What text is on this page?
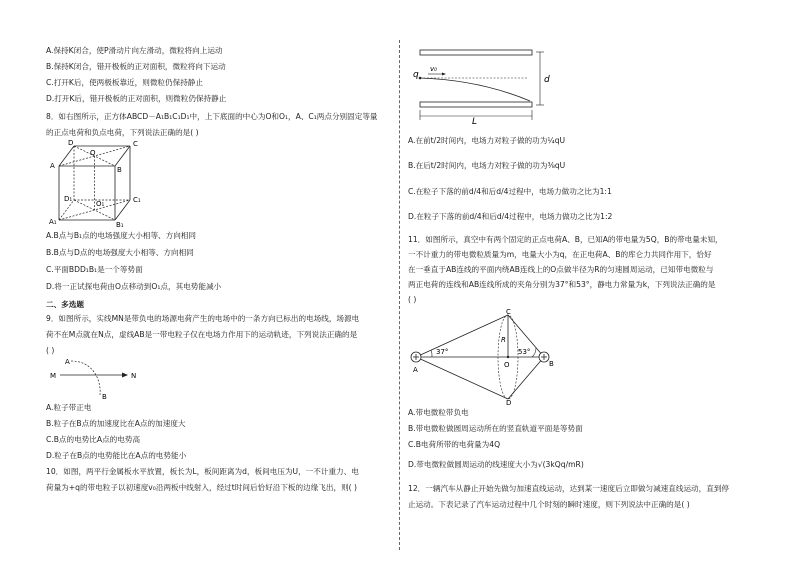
A.保持K闭合，使P滑动片向左滑动，微粒将向上运动
B.保持K闭合，错开极板的正对面积，微粒将向下运动
C.打开K后，使两极板靠近，则微粒仍保持静止
D.打开K后，错开极板的正对面积，则微粒仍保持静止
8．如右图所示，正方体ABCD－A₁B₁C₁D₁中，上下底面的中心为O和O₁，A、C₁两点分别固定等量
的正点电荷和负点电荷，下列说法正确的是( )
D	C
O
A	B
D₁
O₁	C₁
A₁	B₁
A.B点与B₁点的电场强度大小相等、方向相同
B.B点与D点的电场强度大小相等、方向相同
C.平面BDD₁B₁是一个等势面
D.将一正试探电荷由O点移动到O₁点，其电势能减小
二、多选题
9．如图所示，实线MN是带负电的场源电荷产生的电场中的一条方向已标出的电场线，场源电
荷不在M点就在N点，虚线AB是一带电粒子仅在电场力作用下的运动轨迹，下列说法正确的是
( )
A
M	N
B
A.粒子带正电
B.粒子在B点的加速度比在A点的加速度大
C.B点的电势比A点的电势高
D.粒子在B点的电势能比在A点的电势能小
10．如图，两平行金属板水平放置，板长为L，板间距离为d，板间电压为U，一不计重力、电
荷量为+q的带电粒子以初速度v₀沿两板中线射入，经过t时间后恰好沿下板的边缘飞出，则( )
q
v₀
d
L
A.在前t/2时间内，电场力对粒子做的功为¼qU
B.在后t/2时间内，电场力对粒子做的功为⅜qU
C.在粒子下落的前d/4和后d/4过程中，电场力做功之比为1:1
D.在粒子下落的前d/4和后d/4过程中，电场力做功之比为1:2
11．如图所示，真空中有两个固定的正点电荷A、B，已知A的带电量为5Q，B的带电量未知，
一不计重力的带电微粒质量为m，电量大小为q，在正电荷A、B的库仑力共同作用下，恰好
在一垂直于AB连线的平面内绕AB连线上的O点做半径为R的匀速圆周运动，已知带电微粒与
两正电荷的连线和AB连线所成的夹角分别为37°和53°，静电力常量为k，下列说法正确的是
( )
C
R
37°	53°
A
O	B
D
A.带电微粒带负电
B.带电微粒做圆周运动所在的竖直轨道平面是等势面
C.B电荷所带的电荷量为4Q
D.带电微粒做圆周运动的线速度大小为√(3kQq/mR)
12．一辆汽车从静止开始先做匀加速直线运动，达到某一速度后立即做匀减速直线运动，直到停
止运动。下表记录了汽车运动过程中几个时刻的瞬时速度，则下列说法中正确的是( )
